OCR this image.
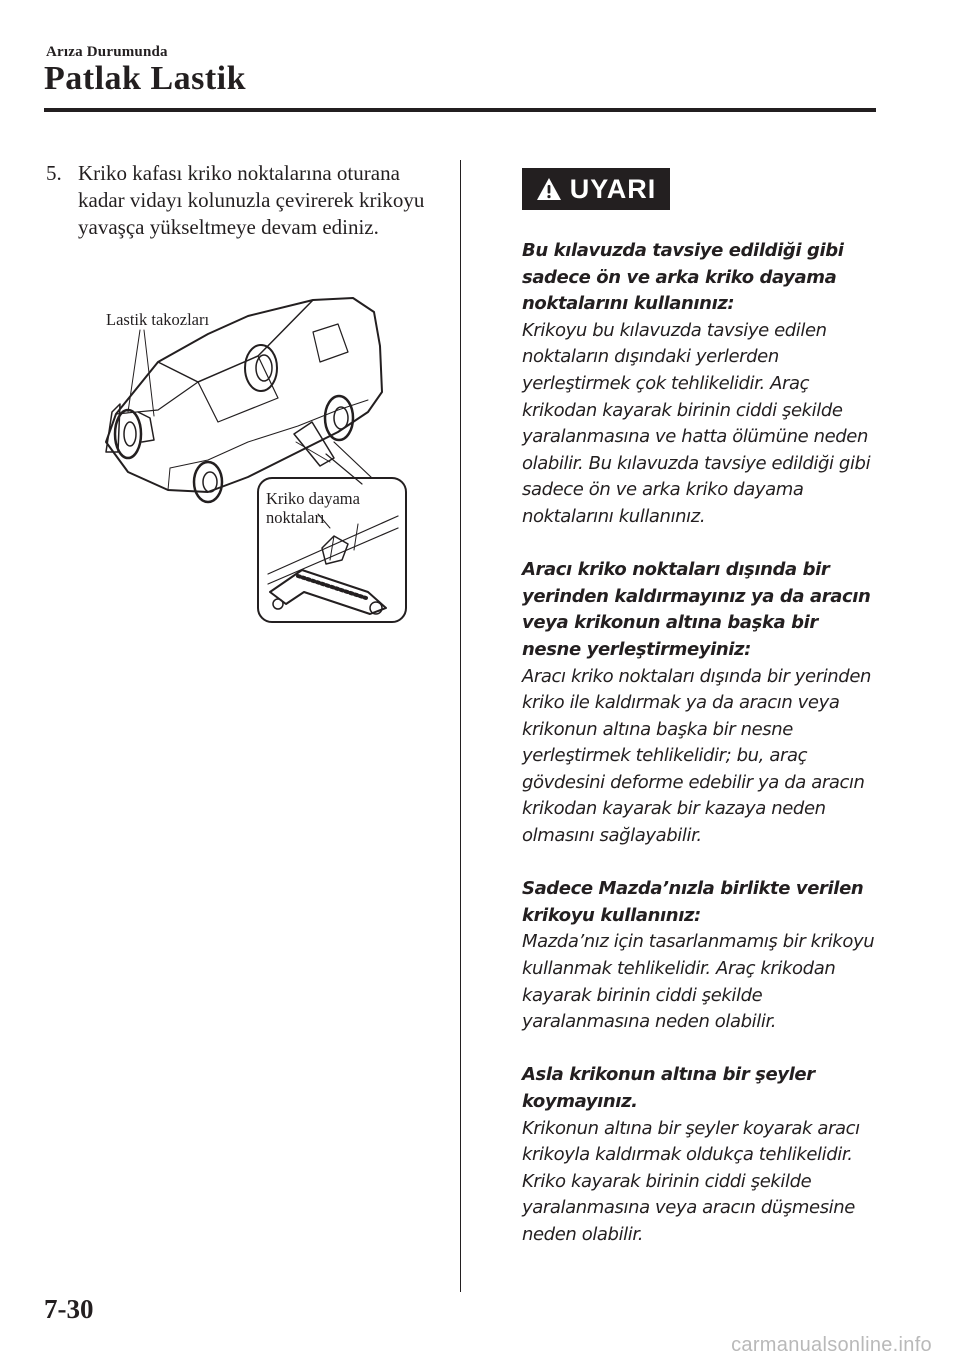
Arıza Durumunda
Patlak Lastik
5. Kriko kafası kriko noktalarına oturana kadar vidayı kolunuzla çevirerek krikoyu yavaşça yükseltmeye devam ediniz.
Lastik takozları
Kriko dayama
noktaları
UYARI
Bu kılavuzda tavsiye edildiği gibi sadece ön ve arka kriko dayama noktalarını kullanınız:
Krikoyu bu kılavuzda tavsiye edilen noktaların dışındaki yerlerden yerleştirmek çok tehlikelidir. Araç krikodan kayarak birinin ciddi şekilde yaralanmasına ve hatta ölümüne neden olabilir. Bu kılavuzda tavsiye edildiği gibi sadece ön ve arka kriko dayama noktalarını kullanınız.
Aracı kriko noktaları dışında bir yerinden kaldırmayınız ya da aracın veya krikonun altına başka bir nesne yerleştirmeyiniz:
Aracı kriko noktaları dışında bir yerinden kriko ile kaldırmak ya da aracın veya krikonun altına başka bir nesne yerleştirmek tehlikelidir; bu, araç gövdesini deforme edebilir ya da aracın krikodan kayarak bir kazaya neden olmasını sağlayabilir.
Sadece Mazda’nızla birlikte verilen krikoyu kullanınız:
Mazda’nız için tasarlanmamış bir krikoyu kullanmak tehlikelidir. Araç krikodan kayarak birinin ciddi şekilde yaralanmasına neden olabilir.
Asla krikonun altına bir şeyler koymayınız.
Krikonun altına bir şeyler koyarak aracı krikoyla kaldırmak oldukça tehlikelidir. Kriko kayarak birinin ciddi şekilde yaralanmasına veya aracın düşmesine neden olabilir.
7-30
carmanualsonline.info
